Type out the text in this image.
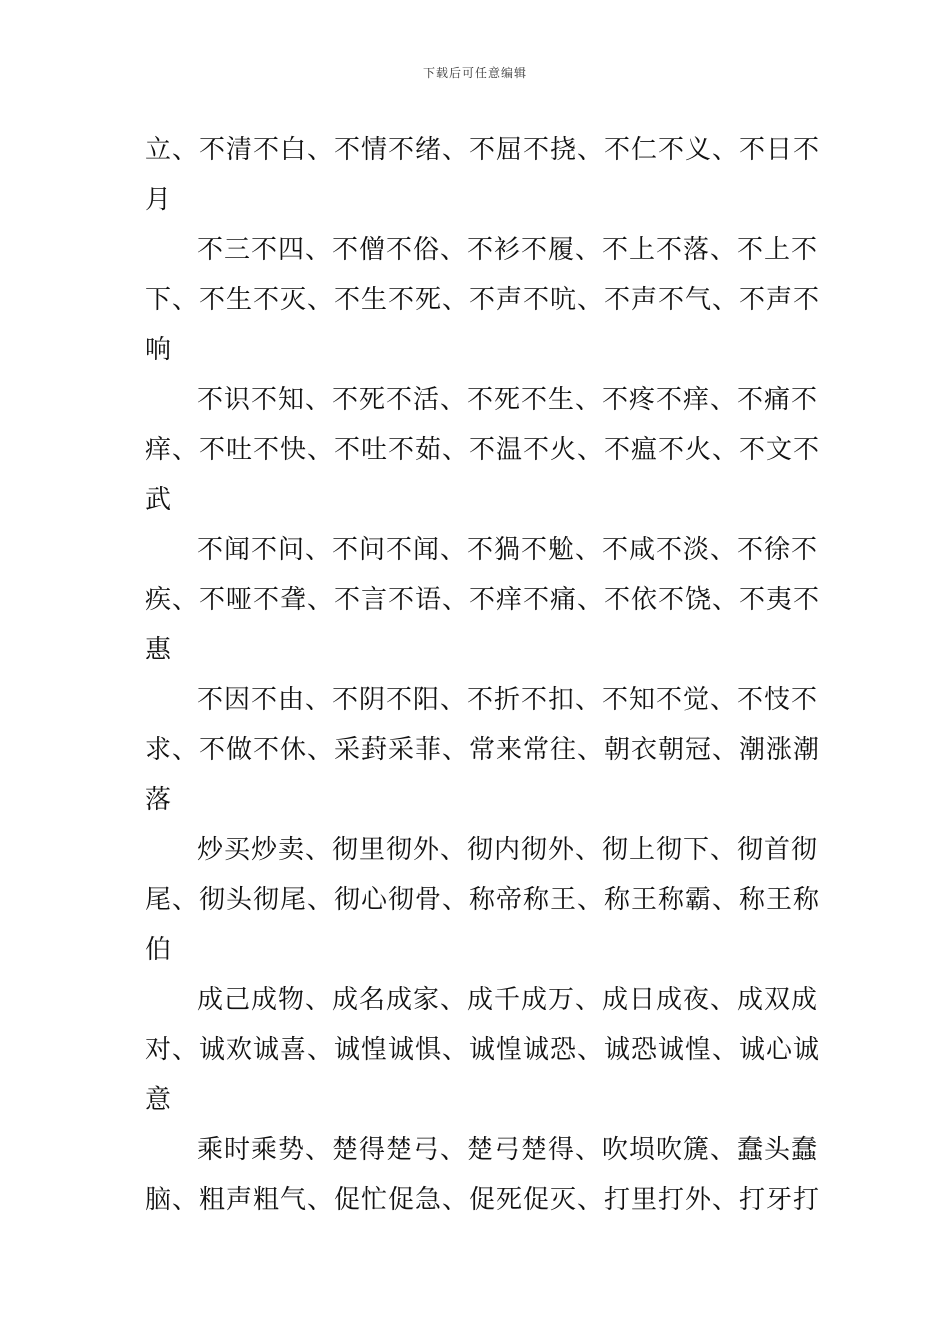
下载后可任意编辑
立、不清不白、不情不绪、不屈不挠、不仁不义、不日不
月
不三不四、不僧不俗、不衫不履、不上不落、不上不
下、不生不灭、不生不死、不声不吭、不声不气、不声不
响
不识不知、不死不活、不死不生、不疼不痒、不痛不
痒、不吐不快、不吐不茹、不温不火、不瘟不火、不文不
武
不闻不问、不问不闻、不猧不魀、不咸不淡、不徐不
疾、不哑不聋、不言不语、不痒不痛、不依不饶、不夷不
惠
不因不由、不阴不阳、不折不扣、不知不觉、不忮不
求、不做不休、采葑采菲、常来常往、朝衣朝冠、潮涨潮
落
炒买炒卖、彻里彻外、彻内彻外、彻上彻下、彻首彻
尾、彻头彻尾、彻心彻骨、称帝称王、称王称霸、称王称
伯
成己成物、成名成家、成千成万、成日成夜、成双成
对、诚欢诚喜、诚惶诚惧、诚惶诚恐、诚恐诚惶、诚心诚
意
乘时乘势、楚得楚弓、楚弓楚得、吹埙吹篪、蠢头蠢
脑、粗声粗气、促忙促急、促死促灭、打里打外、打牙打
